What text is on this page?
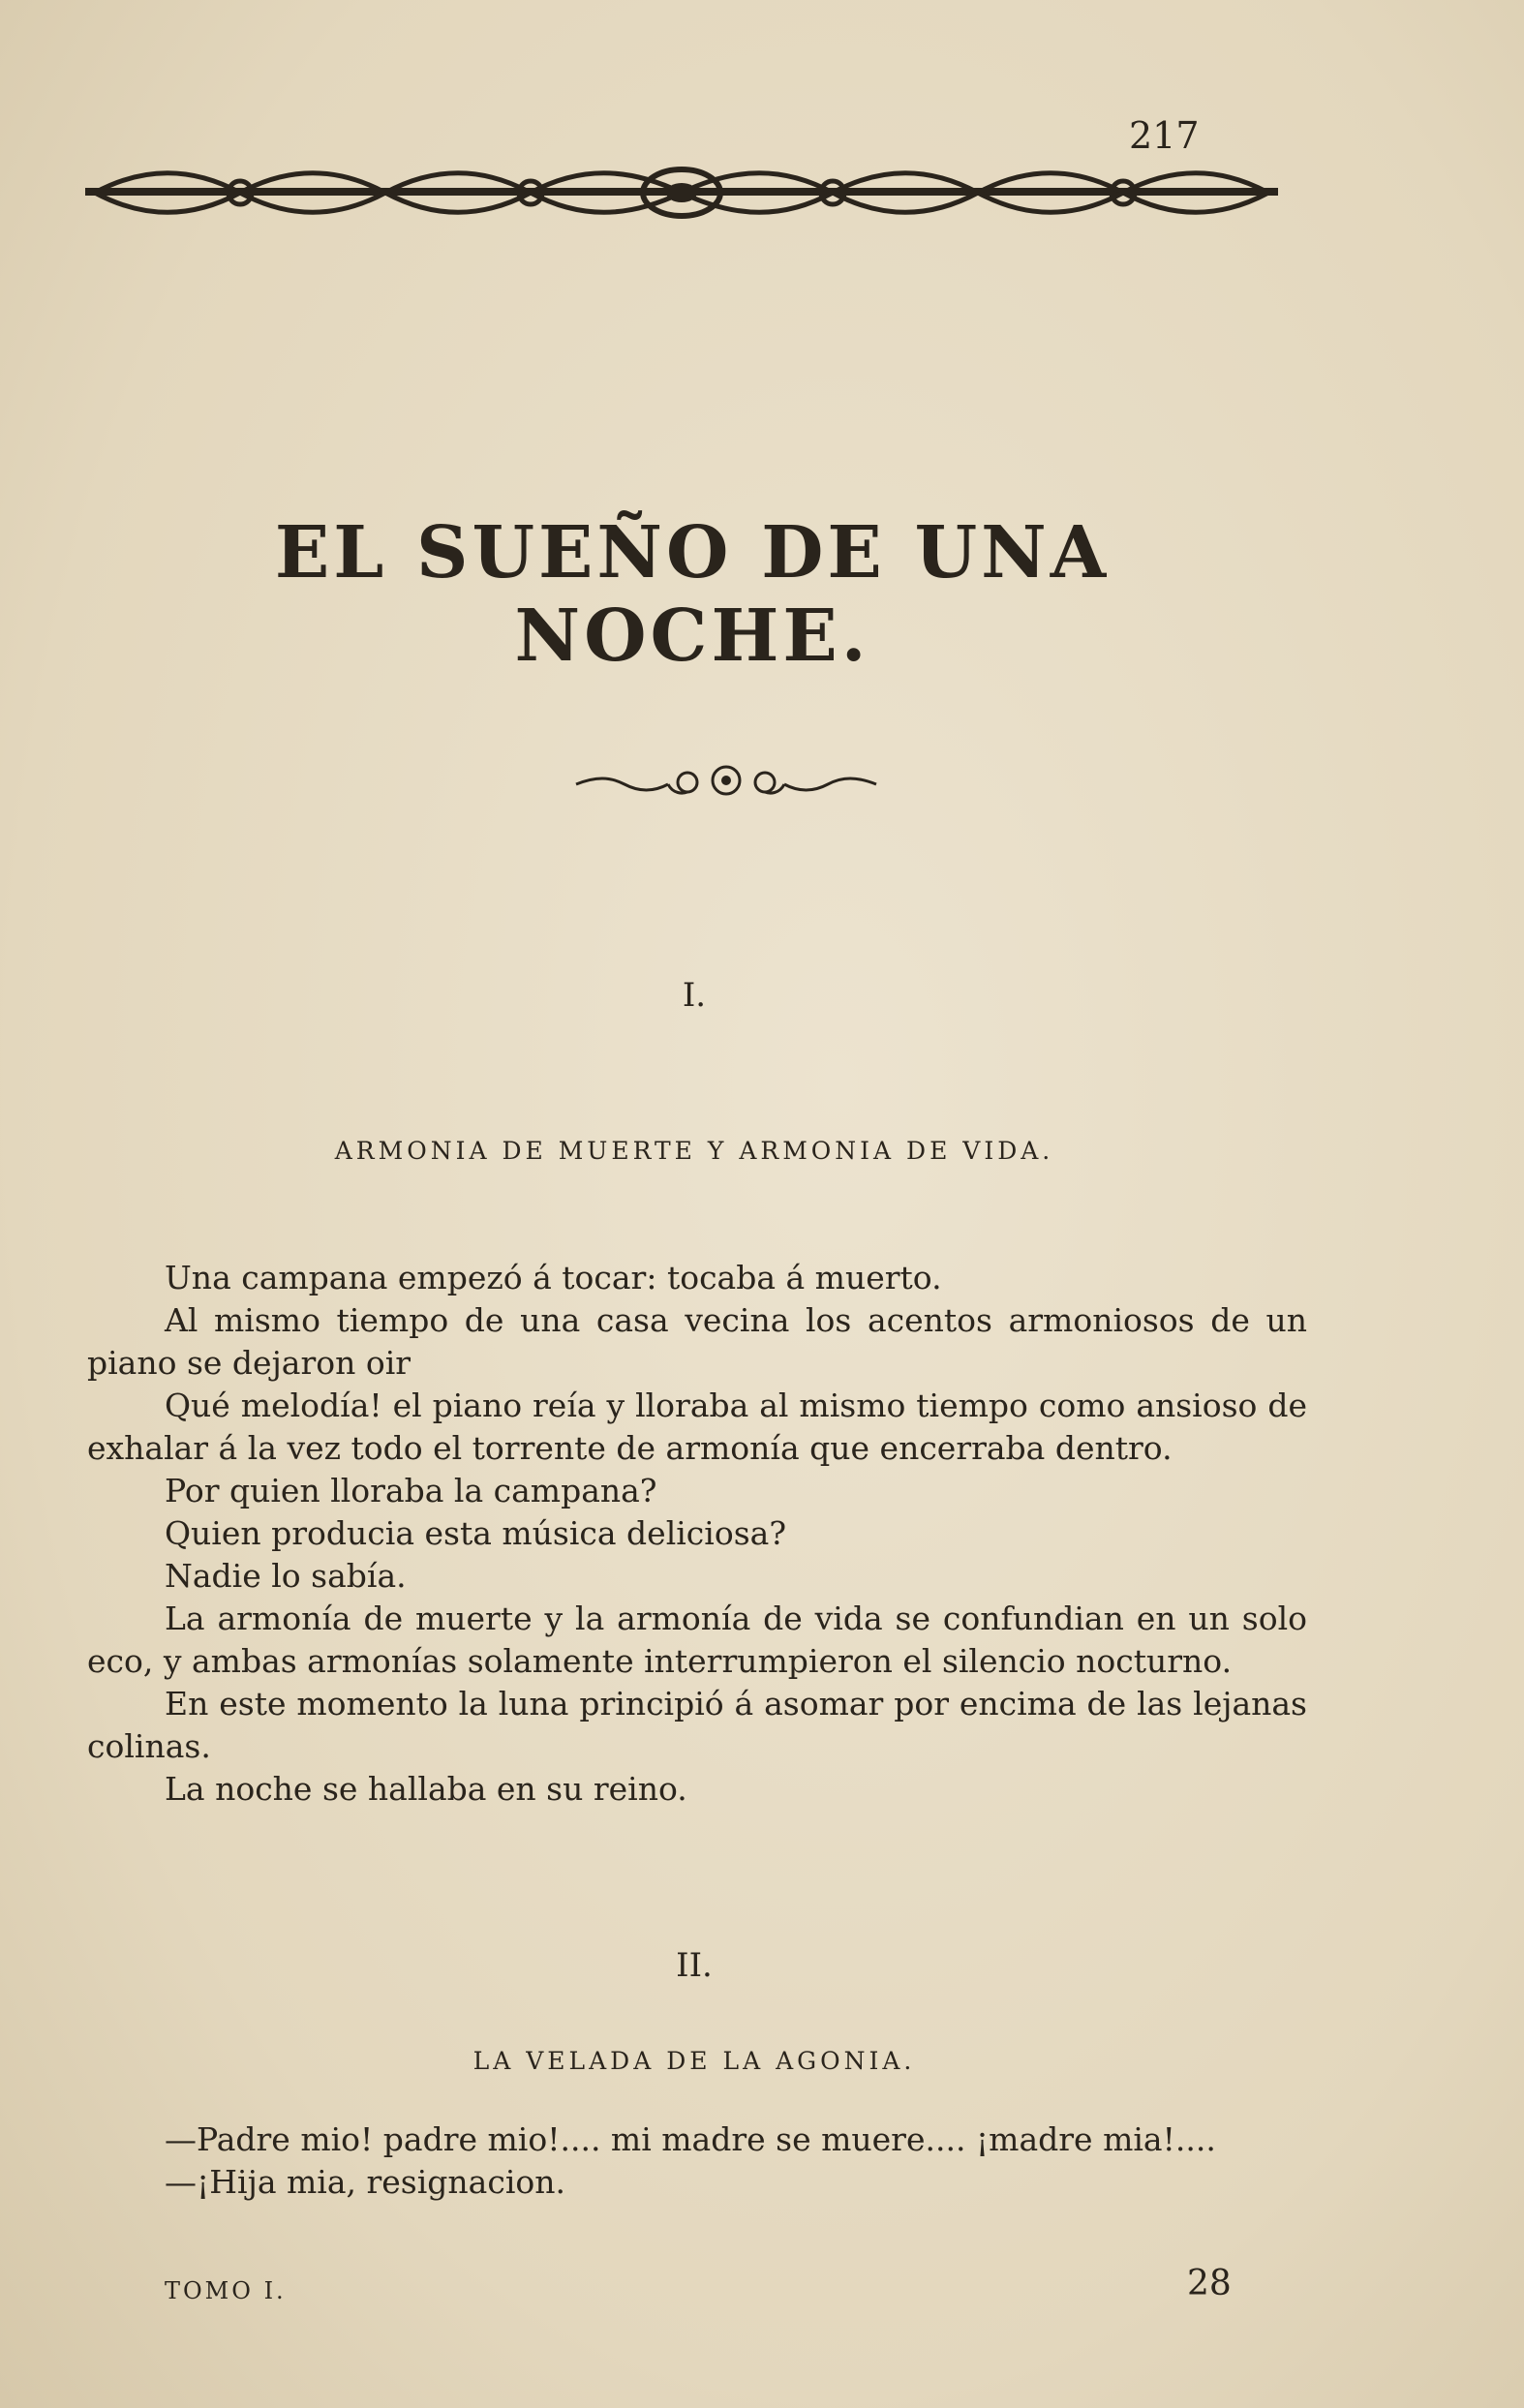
217
EL SUEÑO DE UNA NOCHE.
I.
ARMONIA DE MUERTE Y ARMONIA DE VIDA.

Una campana empezó á tocar: tocaba á muerto.

Al mismo tiempo de una casa vecina los acentos armoniosos de un piano se dejaron oir

Qué melodía! el piano reía y lloraba al mismo tiempo como ansioso de exhalar á la vez todo el torrente de armonía que encerraba dentro.

Por quien lloraba la campana?

Quien producia esta música deliciosa?

Nadie lo sabía.

La armonía de muerte y la armonía de vida se confundian en un solo eco, y ambas armonías solamente interrumpieron el silencio nocturno.

En este momento la luna principió á asomar por encima de las lejanas colinas.

La noche se hallaba en su reino.

II.
LA VELADA DE LA AGONIA.

—Padre mio! padre mio!.... mi madre se muere.... ¡madre mia!....

—¡Hija mia, resignacion.

TOMO I.	28
